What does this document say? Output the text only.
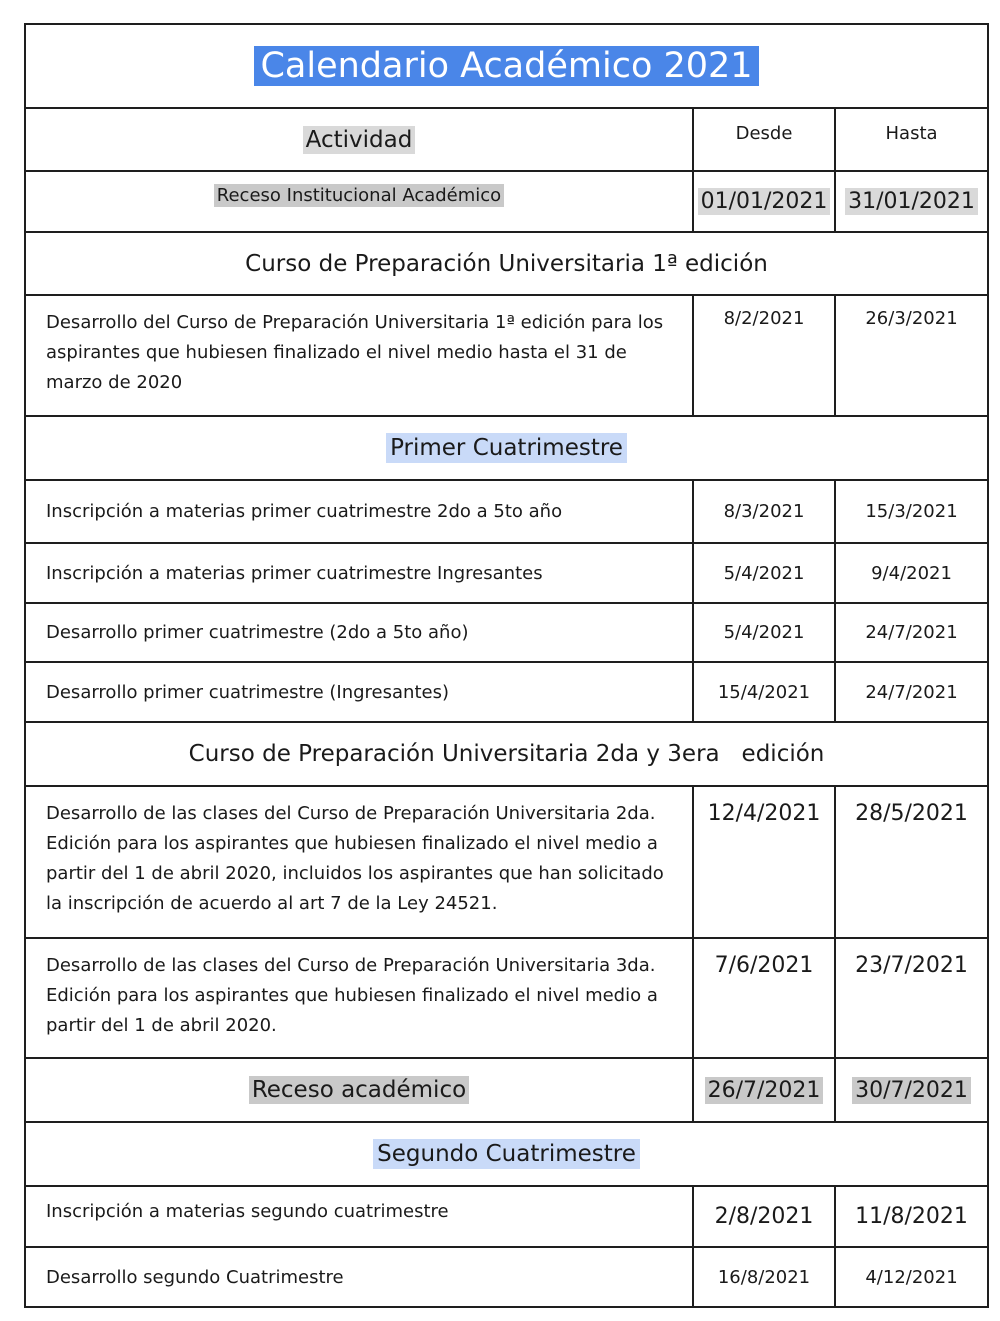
Calendario Académico 2021		
Actividad	Desde	Hasta
Receso Institucional Académico	01/01/2021	31/01/2021
Curso de Preparación Universitaria 1ª edición		
Desarrollo del Curso de Preparación Universitaria 1ª edición para los aspirantes que hubiesen finalizado el nivel medio hasta el 31 de marzo de 2020	8/2/2021	26/3/2021
Primer Cuatrimestre		
Inscripción a materias primer cuatrimestre 2do a 5to año	8/3/2021	15/3/2021
Inscripción a materias primer cuatrimestre Ingresantes	5/4/2021	9/4/2021
Desarrollo primer cuatrimestre (2do a 5to año)	5/4/2021	24/7/2021
Desarrollo primer cuatrimestre (Ingresantes)	15/4/2021	24/7/2021
Curso de Preparación Universitaria 2da y 3era   edición		
Desarrollo de las clases del Curso de Preparación Universitaria 2da. Edición para los aspirantes que hubiesen finalizado el nivel medio a partir del 1 de abril 2020, incluidos los aspirantes que han solicitado la inscripción de acuerdo al art 7 de la Ley 24521.	12/4/2021	28/5/2021
Desarrollo de las clases del Curso de Preparación Universitaria 3da. Edición para los aspirantes que hubiesen finalizado el nivel medio a partir del 1 de abril 2020.	7/6/2021	23/7/2021
Receso académico	26/7/2021	30/7/2021
Segundo Cuatrimestre		
Inscripción a materias segundo cuatrimestre	2/8/2021	11/8/2021
Desarrollo segundo Cuatrimestre	16/8/2021	4/12/2021
